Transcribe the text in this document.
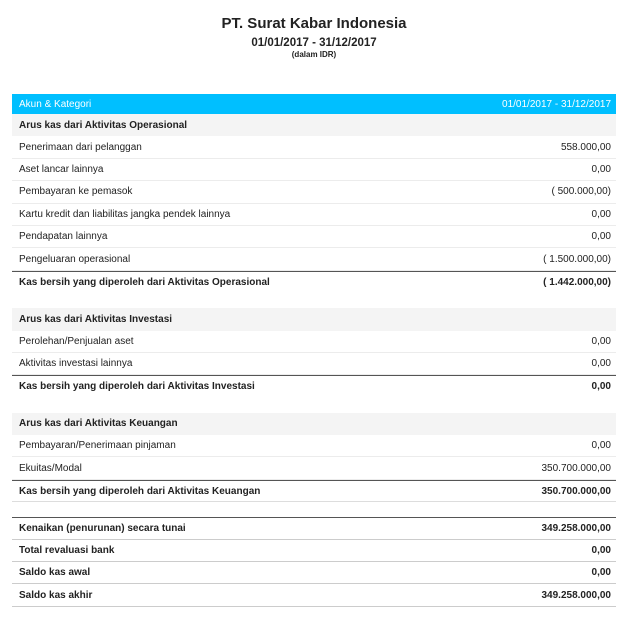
PT. Surat Kabar Indonesia
01/01/2017 - 31/12/2017
(dalam IDR)
Akun & Kategori	01/01/2017 - 31/12/2017
Arus kas dari Aktivitas Operasional
Penerimaan dari pelanggan	558.000,00
Aset lancar lainnya	0,00
Pembayaran ke pemasok	( 500.000,00)
Kartu kredit dan liabilitas jangka pendek lainnya	0,00
Pendapatan lainnya	0,00
Pengeluaran operasional	( 1.500.000,00)
Kas bersih yang diperoleh dari Aktivitas Operasional	( 1.442.000,00)
Arus kas dari Aktivitas Investasi
Perolehan/Penjualan aset	0,00
Aktivitas investasi lainnya	0,00
Kas bersih yang diperoleh dari Aktivitas Investasi	0,00
Arus kas dari Aktivitas Keuangan
Pembayaran/Penerimaan pinjaman	0,00
Ekuitas/Modal	350.700.000,00
Kas bersih yang diperoleh dari Aktivitas Keuangan	350.700.000,00
Kenaikan (penurunan) secara tunai	349.258.000,00
Total revaluasi bank	0,00
Saldo kas awal	0,00
Saldo kas akhir	349.258.000,00
